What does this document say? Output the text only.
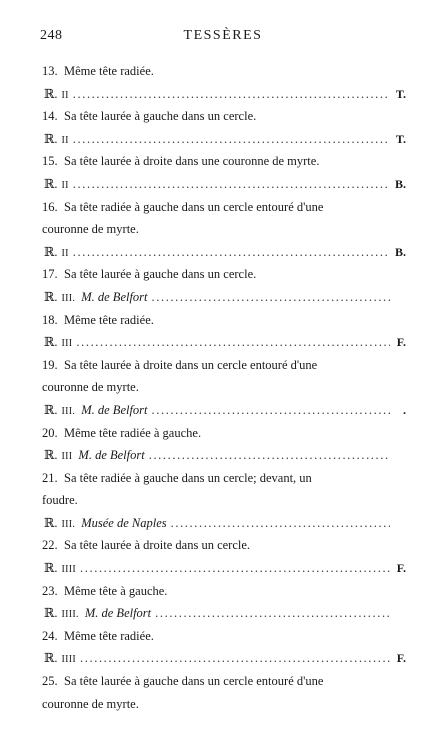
248	TESSÈRES
13. Même tête radiée.
ℝ. II .....	T.
14. Sa tête laurée à gauche dans un cercle.
ℝ. II .....	T.
15. Sa tête laurée à droite dans une couronne de myrte.
ℝ. II .....	B.
16. Sa tête radiée à gauche dans un cercle entouré d'une
couronne de myrte.
ℝ. II .....	B.
17. Sa tête laurée à gauche dans un cercle.
ℝ. III. M. de Belfort
.....
18. Même tête radiée.
ℝ. III .....	F.
19. Sa tête laurée à droite dans un cercle entouré d'une
couronne de myrte.
ℝ. III. M. de Belfort .....	.
20. Même tête radiée à gauche.
ℝ. III M. de Belfort
.....
21. Sa tête radiée à gauche dans un cercle; devant, un
foudre.
ℝ. III. Musée de Naples
.....
22. Sa tête laurée à droite dans un cercle.
ℝ. IIII .....	F.
23. Même tête à gauche.
ℝ. IIII. M. de Belfort
.....
24. Même tête radiée.
ℝ. IIII .....	F.
25. Sa tête laurée à gauche dans un cercle entouré d'une
couronne de myrte.
